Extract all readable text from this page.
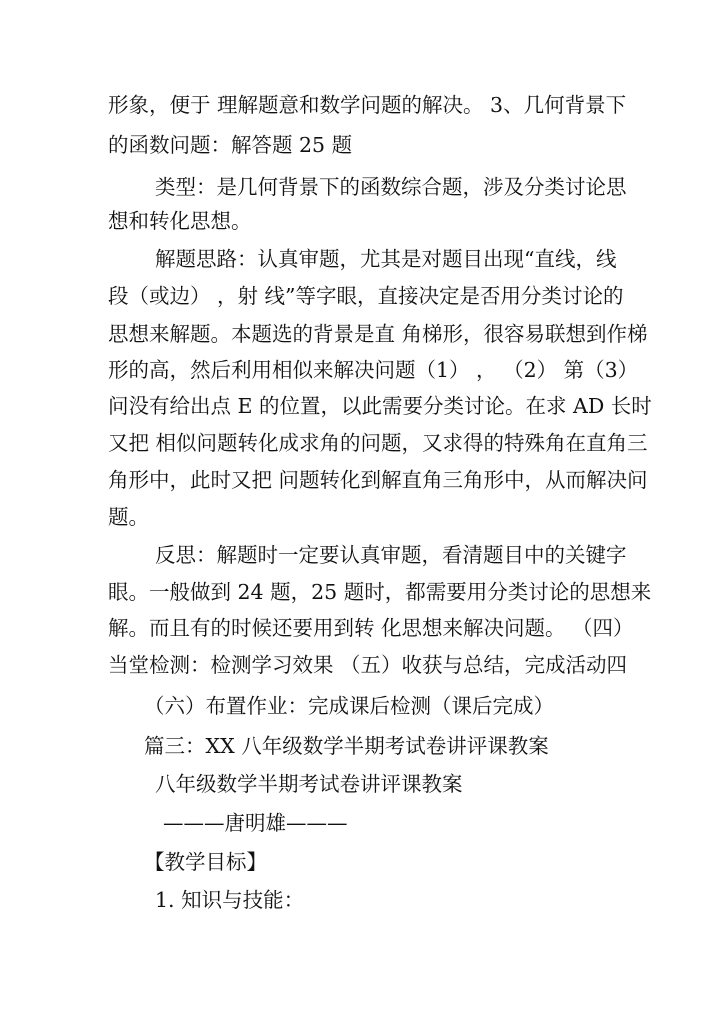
形象，便于 理解题意和数学问题的解决。 3、几何背景下
的函数问题：解答题 25 题
类型：是几何背景下的函数综合题，涉及分类讨论思
想和转化思想。
解题思路：认真审题，尤其是对题目出现“直线，线
段（或边） ，射 线”等字眼，直接决定是否用分类讨论的
思想来解题。本题选的背景是直 角梯形，很容易联想到作梯
形的高，然后利用相似来解决问题（1） ， （2） 第（3）
问没有给出点 E 的位置，以此需要分类讨论。在求 AD 长时
又把 相似问题转化成求角的问题，又求得的特殊角在直角三
角形中，此时又把 问题转化到解直角三角形中，从而解决问
题。
反思：解题时一定要认真审题，看清题目中的关键字
眼。一般做到 24 题，25 题时，都需要用分类讨论的思想来
解。而且有的时候还要用到转 化思想来解决问题。 （四）
当堂检测：检测学习效果 （五）收获与总结，完成活动四
（六）布置作业：完成课后检测（课后完成）
篇三：XX 八年级数学半期考试卷讲评课教案
八年级数学半期考试卷讲评课教案
———唐明雄———
【教学目标】
1. 知识与技能：
